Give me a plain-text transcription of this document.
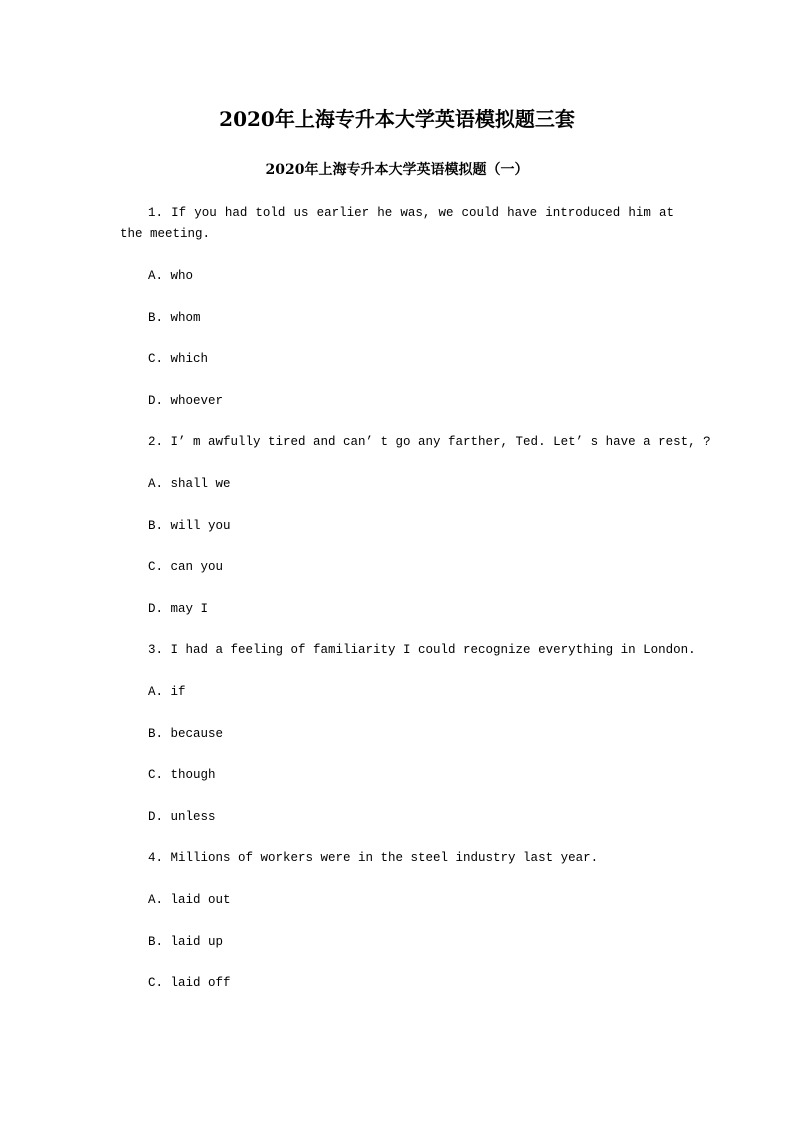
2020年上海专升本大学英语模拟题三套
2020年上海专升本大学英语模拟题（一）

1. If you had told us earlier he was, we could have introduced him at the meeting.

A. who
B. whom
C. which
D. whoever
2. I’ m awfully tired and can’ t go any farther, Ted. Let’ s have a rest, ?
A. shall we
B. will you
C. can you
D. may I
3. I had a feeling of familiarity I could recognize everything in London.
A. if
B. because
C. though
D. unless
4. Millions of workers were in the steel industry last year.
A. laid out
B. laid up
C. laid off
